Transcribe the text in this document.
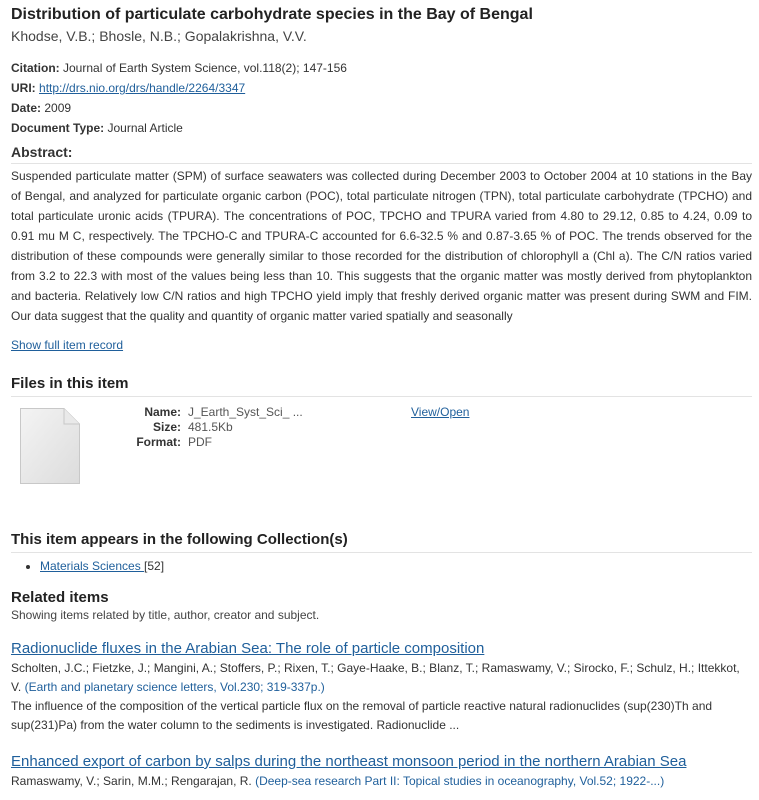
Distribution of particulate carbohydrate species in the Bay of Bengal
Khodse, V.B.; Bhosle, N.B.; Gopalakrishna, V.V.
Citation: Journal of Earth System Science, vol.118(2); 147-156
URI: http://drs.nio.org/drs/handle/2264/3347
Date: 2009
Document Type: Journal Article
Abstract:
Suspended particulate matter (SPM) of surface seawaters was collected during December 2003 to October 2004 at 10 stations in the Bay of Bengal, and analyzed for particulate organic carbon (POC), total particulate nitrogen (TPN), total particulate carbohydrate (TPCHO) and total particulate uronic acids (TPURA). The concentrations of POC, TPCHO and TPURA varied from 4.80 to 29.12, 0.85 to 4.24, 0.09 to 0.91 mu M C, respectively. The TPCHO-C and TPURA-C accounted for 6.6-32.5 % and 0.87-3.65 % of POC. The trends observed for the distribution of these compounds were generally similar to those recorded for the distribution of chlorophyll a (Chl a). The C/N ratios varied from 3.2 to 22.3 with most of the values being less than 10. This suggests that the organic matter was mostly derived from phytoplankton and bacteria. Relatively low C/N ratios and high TPCHO yield imply that freshly derived organic matter was present during SWM and FIM. Our data suggest that the quality and quantity of organic matter varied spatially and seasonally
Show full item record
Files in this item
Name: J_Earth_Syst_Sci_ ...
Size: 481.5Kb
Format: PDF
View/Open
This item appears in the following Collection(s)
• Materials Sciences [52]
Related items
Showing items related by title, author, creator and subject.
Radionuclide fluxes in the Arabian Sea: The role of particle composition
Scholten, J.C.; Fietzke, J.; Mangini, A.; Stoffers, P.; Rixen, T.; Gaye-Haake, B.; Blanz, T.; Ramaswamy, V.; Sirocko, F.; Schulz, H.; Ittekkot, V. (Earth and planetary science letters, Vol.230; 319-337p.)
The influence of the composition of the vertical particle flux on the removal of particle reactive natural radionuclides (sup(230)Th and sup(231)Pa) from the water column to the sediments is investigated. Radionuclide ...
Enhanced export of carbon by salps during the northeast monsoon period in the northern Arabian Sea
Ramaswamy, V.; Sarin, M.M.; Rengarajan, R. (Deep-sea research Part II: Topical studies in oceanography, Vol.52; 1922-...)
